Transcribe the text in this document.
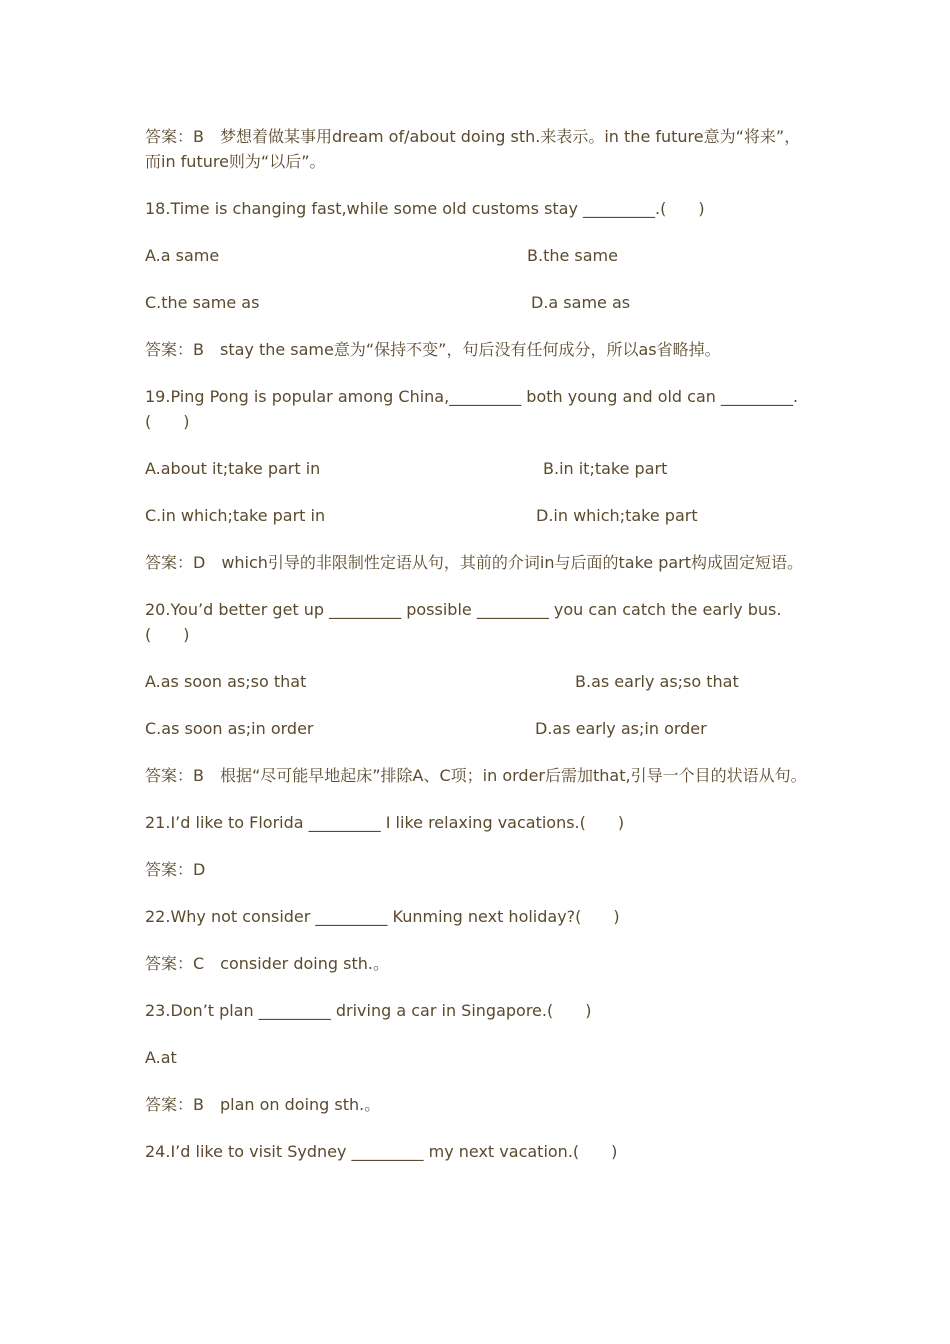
答案：B　梦想着做某事用dream of/about doing sth.来表示。in the future意为“将来”，而in future则为“以后”。
18.Time is changing fast,while some old customs stay _________.(　　)
A.a same	B.the same
C.the same as	D.a same as
答案：B　stay the same意为“保持不变”，句后没有任何成分，所以as省略掉。
19.Ping Pong is popular among China,_________ both young and old can _________.(　　)
A.about it;take part in	B.in it;take part
C.in which;take part in	D.in which;take part
答案：D　which引导的非限制性定语从句，其前的介词in与后面的take part构成固定短语。
20.You’d better get up _________ possible _________ you can catch the early bus.(　　)
A.as soon as;so that	B.as early as;so that
C.as soon as;in order	D.as early as;in order
答案：B　根据“尽可能早地起床”排除A、C项；in order后需加that,引导一个目的状语从句。
21.I’d like to Florida _________ I like relaxing vacations.(　　)
答案：D
22.Why not consider _________ Kunming next holiday?(　　)
答案：C　consider doing sth.。
23.Don’t plan _________ driving a car in Singapore.(　　)
A.at
答案：B　plan on doing sth.。
24.I’d like to visit Sydney _________ my next vacation.(　　)
